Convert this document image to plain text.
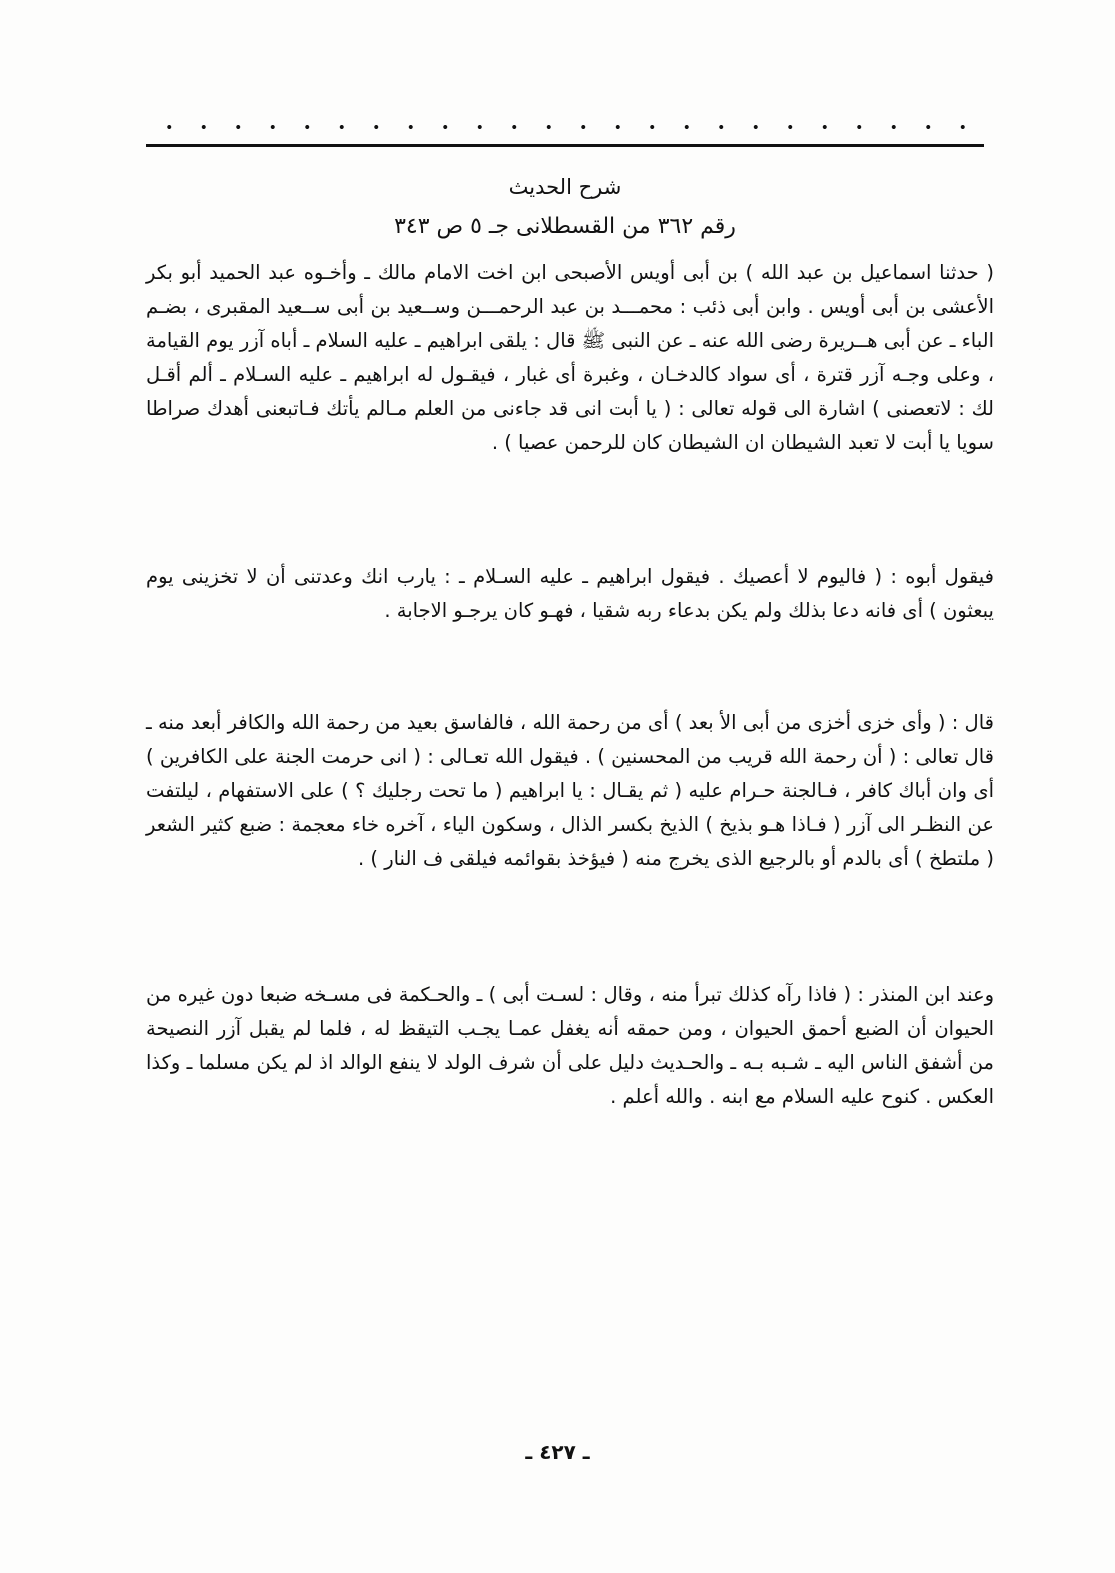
شرح الحديث
رقم ٣٦٢ من القسطلانى جـ ٥ ص ٣٤٣

( حدثنا اسماعيل بن عبد الله ) بن أبى أويس الأصبحى ابن اخت الامام مالك ـ وأخـوه عبد الحميد أبو بكر الأعشى بن أبى أويس . وابن أبى ذئب : محمـــد بن عبد الرحمـــن وســعيد بن أبى ســعيد المقبرى ، بضـم الباء ـ عن أبى هــريرة رضى الله عنه ـ عن النبى ﷺ قال : يلقى ابراهيم ـ عليه السلام ـ أباه آزر يوم القيامة ، وعلى وجـه آزر قترة ، أى سواد كالدخـان ، وغبرة أى غبار ، فيقـول له ابراهيم ـ عليه السـلام ـ ألم أقـل لك : لاتعصنى ) اشارة الى قوله تعالى : ( يا أبت انى قد جاءنى من العلم مـالم يأتك فـاتبعنى أهدك صراطا سويا يا أبت لا تعبد الشيطان ان الشيطان كان للرحمن عصيا ) .

فيقول أبوه : ( فاليوم لا أعصيك . فيقول ابراهيم ـ عليه السـلام ـ : يارب انك وعدتنى أن لا تخزينى يوم يبعثون ) أى فانه دعا بذلك ولم يكن بدعاء ربه شقيا ، فهـو كان يرجـو الاجابة .

قال : ( وأى خزى أخزى من أبى الأ بعد ) أى من رحمة الله ، فالفاسق بعيد من رحمة الله والكافر أبعد منه ـ قال تعالى : ( أن رحمة الله قريب من المحسنين ) . فيقول الله تعـالى : ( انى حرمت الجنة على الكافرين ) أى وان أباك كافر ، فـالجنة حـرام عليه ( ثم يقـال : يا ابراهيم ( ما تحت رجليك ؟ ) على الاستفهام ، ليلتفت عن النظـر الى آزر ( فـاذا هـو بذيخ ) الذيخ بكسر الذال ، وسكون الياء ، آخره خاء معجمة : ضبع كثير الشعر ( ملتطخ ) أى بالدم أو بالرجيع الذى يخرج منه ( فيؤخذ بقوائمه فيلقى ف النار ) .

وعند ابن المنذر : ( فاذا رآه كذلك تبرأ منه ، وقال : لسـت أبى ) ـ والحـكمة فى مسـخه ضبعا دون غيره من الحيوان أن الضبع أحمق الحيوان ، ومن حمقه أنه يغفل عمـا يجـب التيقظ له ، فلما لم يقبل آزر النصيحة من أشفق الناس اليه ـ شـبه بـه ـ والحـديث دليل على أن شرف الولد لا ينفع الوالد اذ لم يكن مسلما ـ وكذا العكس . كنوح عليه السلام مع ابنه . والله أعلم .

ـ ٤٢٧ ـ
